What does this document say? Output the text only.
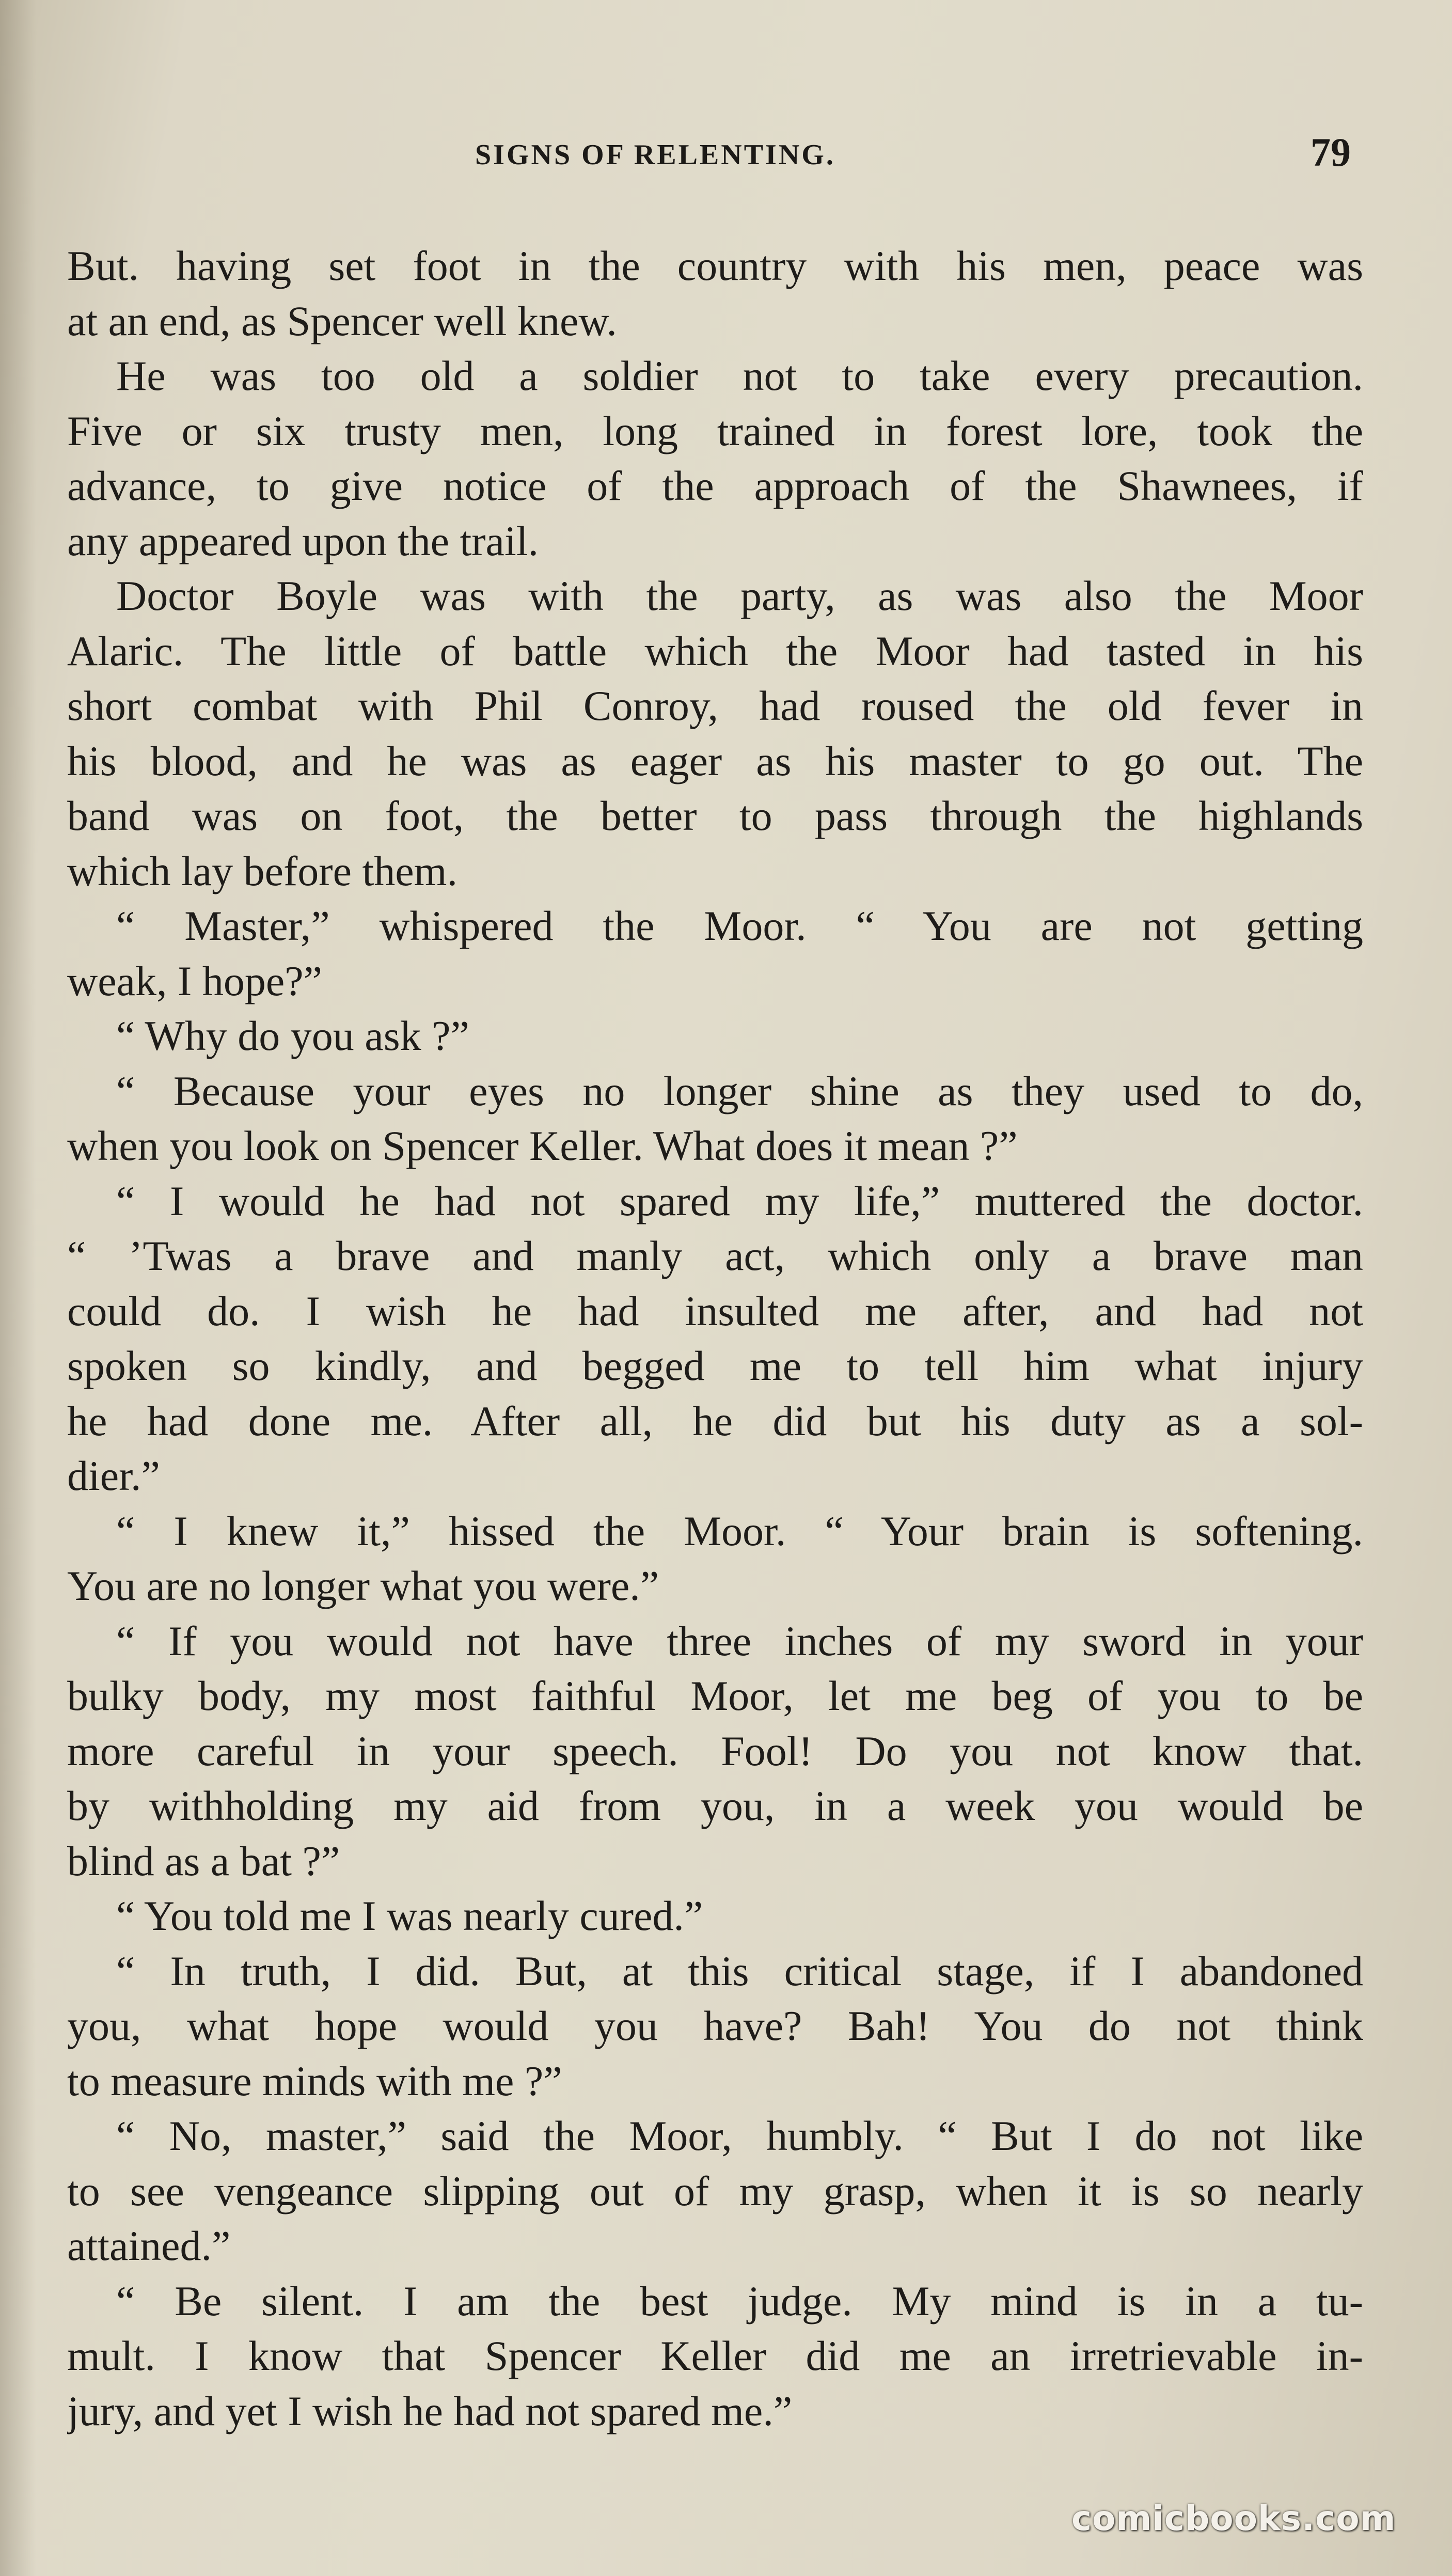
SIGNS OF RELENTING.	79
But. having set foot in the country with his men, peace was
at an end, as Spencer well knew.
He was too old a soldier not to take every precaution.
Five or six trusty men, long trained in forest lore, took the
advance, to give notice of the approach of the Shawnees, if
any appeared upon the trail.
Doctor Boyle was with the party, as was also the Moor
Alaric. The little of battle which the Moor had tasted in his
short combat with Phil Conroy, had roused the old fever in
his blood, and he was as eager as his master to go out. The
band was on foot, the better to pass through the highlands
which lay before them.
“ Master,” whispered the Moor. “ You are not getting
weak, I hope?”
“ Why do you ask ?”
“ Because your eyes no longer shine as they used to do,
when you look on Spencer Keller. What does it mean ?”
“ I would he had not spared my life,” muttered the doctor.
“ ’Twas a brave and manly act, which only a brave man
could do. I wish he had insulted me after, and had not
spoken so kindly, and begged me to tell him what injury
he had done me. After all, he did but his duty as a sol-
dier.”
“ I knew it,” hissed the Moor. “ Your brain is softening.
You are no longer what you were.”
“ If you would not have three inches of my sword in your
bulky body, my most faithful Moor, let me beg of you to be
more careful in your speech. Fool! Do you not know that.
by withholding my aid from you, in a week you would be
blind as a bat ?”
“ You told me I was nearly cured.”
“ In truth, I did. But, at this critical stage, if I abandoned
you, what hope would you have? Bah! You do not think
to measure minds with me ?”
“ No, master,” said the Moor, humbly. “ But I do not like
to see vengeance slipping out of my grasp, when it is so nearly
attained.”
“ Be silent. I am the best judge. My mind is in a tu-
mult. I know that Spencer Keller did me an irretrievable in-
jury, and yet I wish he had not spared me.”
comicbooks.com
